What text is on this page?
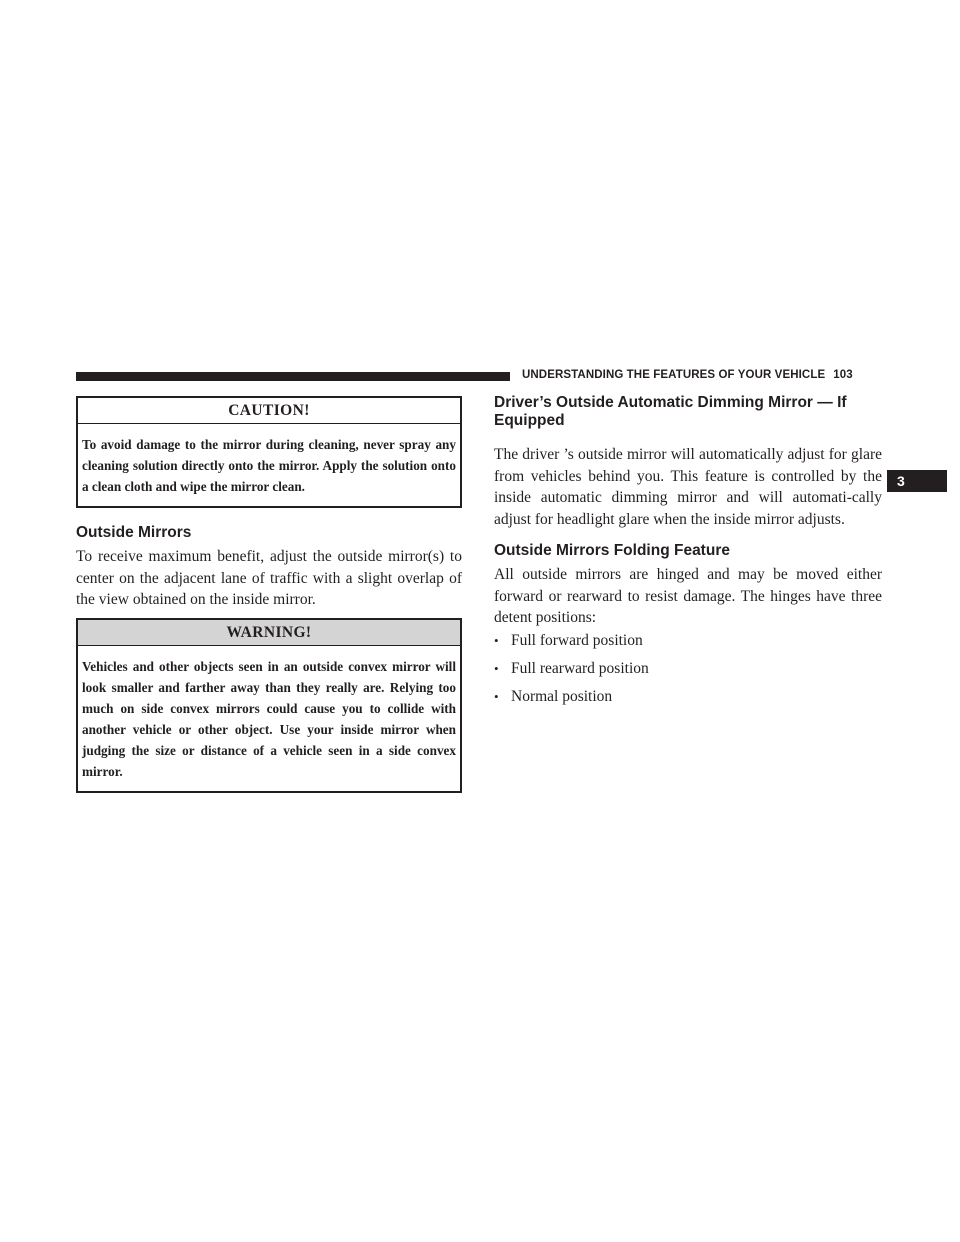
UNDERSTANDING THE FEATURES OF YOUR VEHICLE 103
3
CAUTION!
To avoid damage to the mirror during cleaning, never spray any cleaning solution directly onto the mirror. Apply the solution onto a clean cloth and wipe the mirror clean.
Outside Mirrors
To receive maximum benefit, adjust the outside mirror(s) to center on the adjacent lane of traffic with a slight overlap of the view obtained on the inside mirror.
WARNING!
Vehicles and other objects seen in an outside convex mirror will look smaller and farther away than they really are. Relying too much on side convex mirrors could cause you to collide with another vehicle or other object. Use your inside mirror when judging the size or distance of a vehicle seen in a side convex mirror.
Driver’s Outside Automatic Dimming Mirror — If Equipped
The driver ’s outside mirror will automatically adjust for glare from vehicles behind you. This feature is controlled by the inside automatic dimming mirror and will automati-cally adjust for headlight glare when the inside mirror adjusts.
Outside Mirrors Folding Feature
All outside mirrors are hinged and may be moved either forward or rearward to resist damage. The hinges have three detent positions:
• Full forward position
• Full rearward position
• Normal position
